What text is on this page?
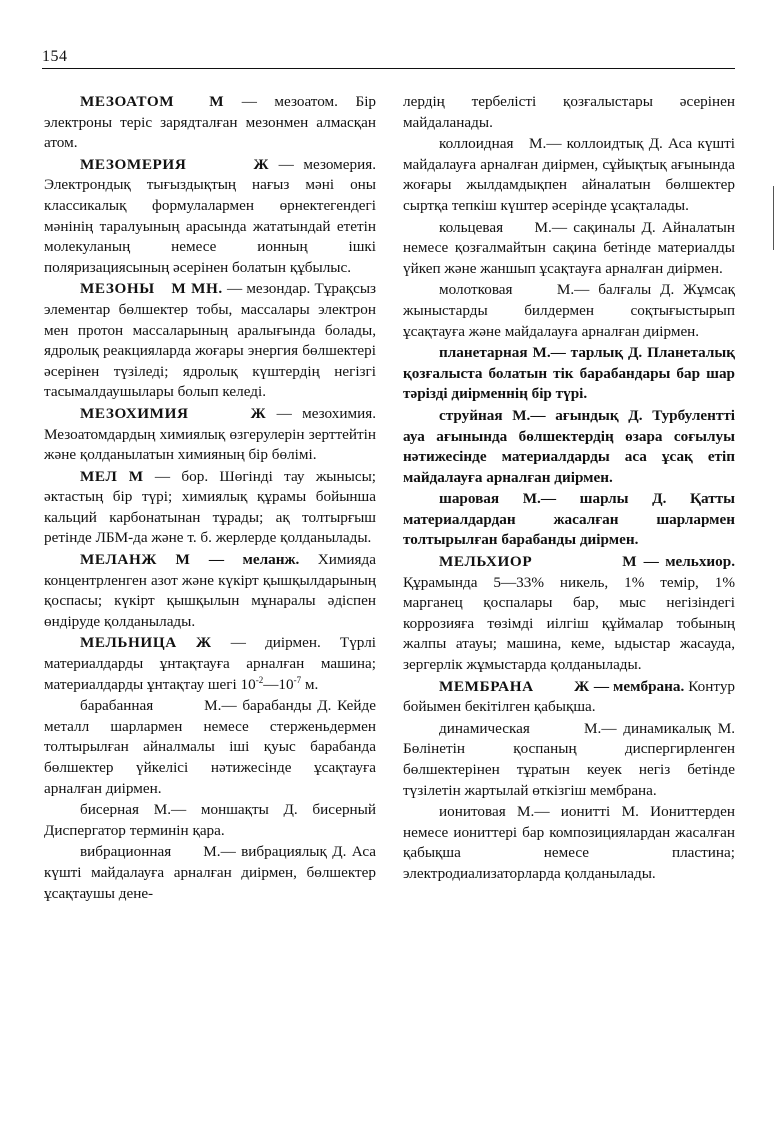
154

МЕЗОАТОМ М — мезоатом. Бір электроны теріс зарядталған мезонмен алмасқан атом.

МЕЗОМЕРИЯ	Ж — мезомерия. Электрондық тығыздықтың нағыз мәні оны классикалық формулалармен өрнектегендегі мәнінің таралуының арасында жататындай ететін молекуланың немесе ионның ішкі поляризациясының әсерінен болатын құбылыс.

МЕЗОНЫ М МН. — мезондар. Тұрақсыз элементар бөлшектер тобы, массалары электрон мен протон массаларының аралығында болады, ядролық реакцияларда жоғары энергия бөлшектері әсерінен түзіледі; ядролық күштердің негізгі тасымалдаушылары болып келеді.

МЕЗОХИМИЯ	Ж — мезохимия. Мезоатомдардың химиялық өзгерулерін зерттейтін және қолданылатын химияның бір бөлімі.

МЕЛ М — бор. Шөгінді тау жынысы; әктастың бір түрі; химиялық құрамы бойынша кальций карбонатынан тұрады; ақ толтырғыш ретінде ЛБМ-да және т. б. жерлерде қолданылады.

МЕЛАНЖ М — меланж. Химияда концентрленген азот және күкірт қышқылдарының қоспасы; күкірт қышқылын мұнаралы әдіспен өндіруде қолданылады.

МЕЛЬНИЦА Ж — диірмен. Түрлі материалдарды ұнтақтауға арналған машина; материалдарды ұнтақтау шегі $10^{-2}—10^{-7}$ м.

барабанная	М.— барабанды Д. Кейде металл шарлармен немесе стерженьдермен толтырылған айналмалы іші қуыс барабанда бөлшектер үйкелісі нәтижесінде ұсақтауға арналған диірмен.

бисерная М.— моншақты Д. бисерный Диспергатор терминін қара.

вибрационная М.— вибрациялық Д. Аса күшті майдалауға арналған диірмен, бөлшектер ұсақтаушы дене-

лердің тербелісті қозғалыстары әсерінен майдаланады.

коллоидная М.— коллоидтық Д. Аса күшті майдалауға арналған диірмен, сұйықтық ағынында жоғары жылдамдықпен айналатын бөлшектер сыртқа тепкіш күштер әсерінде ұсақталады.

кольцевая М.— сақиналы Д. Айналатын немесе қозғалмайтын сақина бетінде материалды үйкеп және жаншып ұсақтауға арналған диірмен.

молотковая	М.— балғалы Д. Жұмсақ жыныстарды билдермен соқтығыстырып ұсақтауға және майдалауға арналған диірмен.

планетарная М.— тарлық Д. Планеталық қозғалыста болатын тік барабандары бар шар тәрізді диірменнің бір түрі.

струйная М.— ағындық Д. Турбулентті ауа ағынында бөлшектердің өзара соғылуы нәтижесінде материалдарды аса ұсақ етіп майдалауға арналған диірмен.

шаровая М.— шарлы Д. Қатты материалдардан жасалған шарлармен толтырылған барабанды диірмен.

МЕЛЬХИОР	М — мельхиор. Құрамында 5—33% никель, 1% темір, 1% марганец қоспалары бар, мыс негізіндегі коррозияға төзімді иілгіш құймалар тобының жалпы атауы; машина, кеме, ыдыстар жасауда, зергерлік жұмыстарда қолданылады.

МЕМБРАНА	Ж — мембрана. Контур бойымен бекітілген қабықша.

динамическая	М.— динамикалық М. Бөлінетін қоспаның диспергирленген бөлшектерінен тұратын кеуек негіз бетінде түзілетін жартылай өткізгіш мембрана.

ионитовая М.— ионитті М. Иониттерден немесе иониттері бар композициялардан жасалған қабықша немесе пластина; электродиализаторларда қолданылады.
